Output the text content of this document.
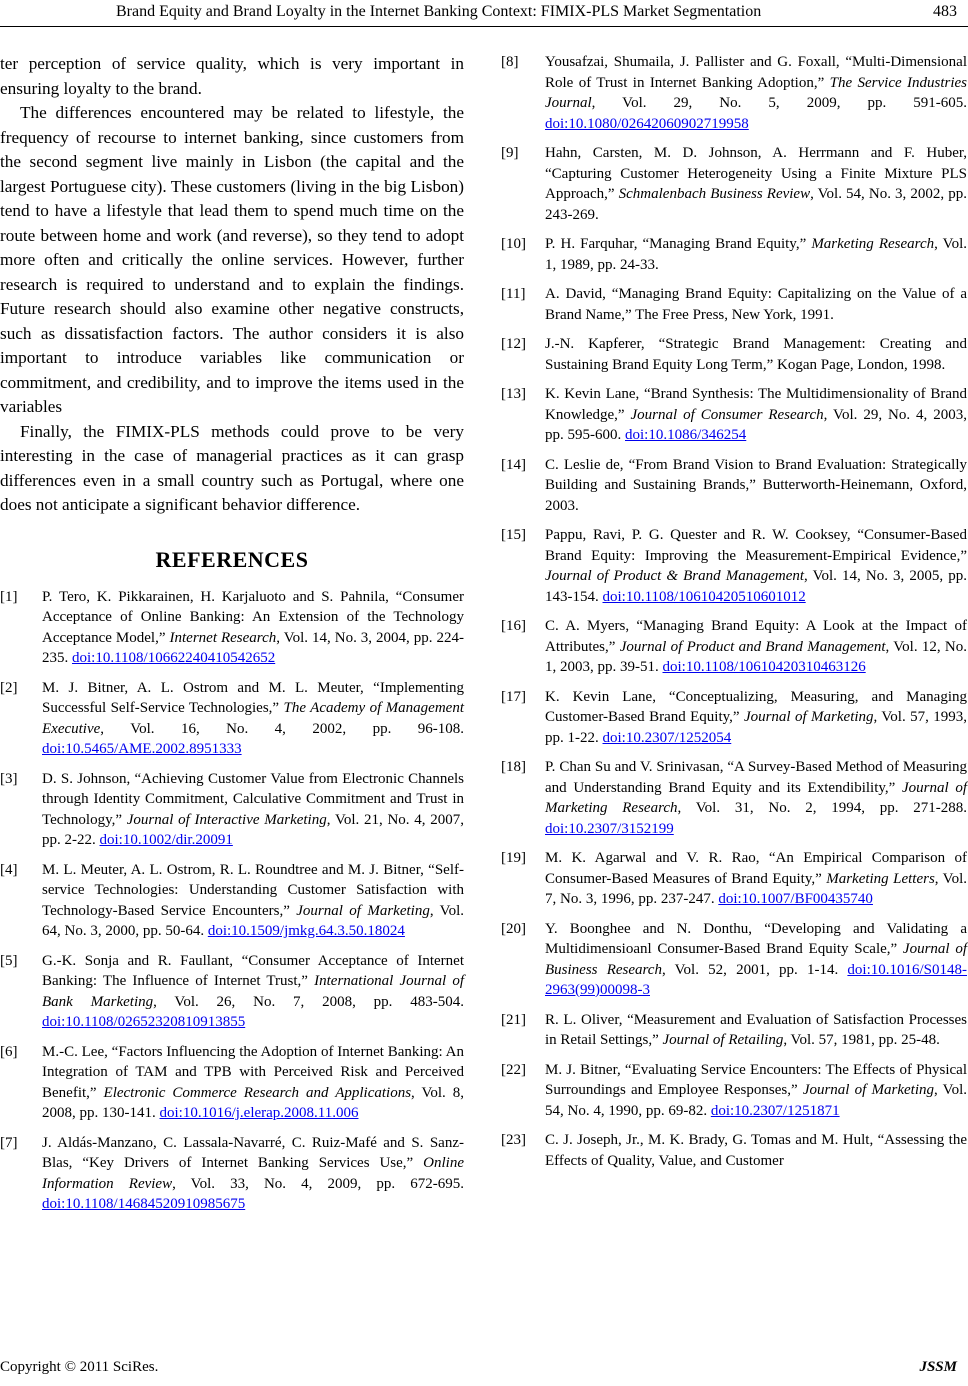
Brand Equity and Brand Loyalty in the Internet Banking Context: FIMIX-PLS Market Segmentation	483

ter perception of service quality, which is very important in ensuring loyalty to the brand.

The differences encountered may be related to lifestyle, the frequency of recourse to internet banking, since customers from the second segment live mainly in Lisbon (the capital and the largest Portuguese city). These customers (living in the big Lisbon) tend to have a lifestyle that lead them to spend much time on the route between home and work (and reverse), so they tend to adopt more often and critically the online services. However, further research is required to understand and to explain the findings. Future research should also examine other negative constructs, such as dissatisfaction factors. The author considers it is also important to introduce variables like communication or commitment, and credibility, and to improve the items used in the variables

Finally, the FIMIX-PLS methods could prove to be very interesting in the case of managerial practices as it can grasp differences even in a small country such as Portugal, where one does not anticipate a significant behavior difference.

REFERENCES
[1]	P. Tero, K. Pikkarainen, H. Karjaluoto and S. Pahnila, “Consumer Acceptance of Online Banking: An Extension of the Technology Acceptance Model,” Internet Research, Vol. 14, No. 3, 2004, pp. 224-235. doi:10.1108/10662240410542652
[2]	M. J. Bitner, A. L. Ostrom and M. L. Meuter, “Implementing Successful Self-Service Technologies,” The Academy of Management Executive, Vol. 16, No. 4, 2002, pp. 96-108. doi:10.5465/AME.2002.8951333
[3]	D. S. Johnson, “Achieving Customer Value from Electronic Channels through Identity Commitment, Calculative Commitment and Trust in Technology,” Journal of Interactive Marketing, Vol. 21, No. 4, 2007, pp. 2-22. doi:10.1002/dir.20091
[4]	M. L. Meuter, A. L. Ostrom, R. L. Roundtree and M. J. Bitner, “Self-service Technologies: Understanding Customer Satisfaction with Technology-Based Service Encounters,” Journal of Marketing, Vol. 64, No. 3, 2000, pp. 50-64. doi:10.1509/jmkg.64.3.50.18024
[5]	G.-K. Sonja and R. Faullant, “Consumer Acceptance of Internet Banking: The Influence of Internet Trust,” International Journal of Bank Marketing, Vol. 26, No. 7, 2008, pp. 483-504. doi:10.1108/02652320810913855
[6]	M.-C. Lee, “Factors Influencing the Adoption of Internet Banking: An Integration of TAM and TPB with Perceived Risk and Perceived Benefit,” Electronic Commerce Research and Applications, Vol. 8, 2008, pp. 130-141. doi:10.1016/j.elerap.2008.11.006
[7]	J. Aldás-Manzano, C. Lassala-Navarré, C. Ruiz-Mafé and S. Sanz-Blas, “Key Drivers of Internet Banking Services Use,” Online Information Review, Vol. 33, No. 4, 2009, pp. 672-695. doi:10.1108/14684520910985675
[8]	Yousafzai, Shumaila, J. Pallister and G. Foxall, “Multi-Dimensional Role of Trust in Internet Banking Adoption,” The Service Industries Journal, Vol. 29, No. 5, 2009, pp. 591-605. doi:10.1080/02642060902719958
[9]	Hahn, Carsten, M. D. Johnson, A. Herrmann and F. Huber, “Capturing Customer Heterogeneity Using a Finite Mixture PLS Approach,” Schmalenbach Business Review, Vol. 54, No. 3, 2002, pp. 243-269.
[10]	P. H. Farquhar, “Managing Brand Equity,” Marketing Research, Vol. 1, 1989, pp. 24-33.
[11]	A. David, “Managing Brand Equity: Capitalizing on the Value of a Brand Name,” The Free Press, New York, 1991.
[12]	J.-N. Kapferer, “Strategic Brand Management: Creating and Sustaining Brand Equity Long Term,” Kogan Page, London, 1998.
[13]	K. Kevin Lane, “Brand Synthesis: The Multidimensionality of Brand Knowledge,” Journal of Consumer Research, Vol. 29, No. 4, 2003, pp. 595-600. doi:10.1086/346254
[14]	C. Leslie de, “From Brand Vision to Brand Evaluation: Strategically Building and Sustaining Brands,” Butterworth-Heinemann, Oxford, 2003.
[15]	Pappu, Ravi, P. G. Quester and R. W. Cooksey, “Consumer-Based Brand Equity: Improving the Measurement-Empirical Evidence,” Journal of Product & Brand Management, Vol. 14, No. 3, 2005, pp. 143-154. doi:10.1108/10610420510601012
[16]	C. A. Myers, “Managing Brand Equity: A Look at the Impact of Attributes,” Journal of Product and Brand Management, Vol. 12, No. 1, 2003, pp. 39-51. doi:10.1108/10610420310463126
[17]	K. Kevin Lane, “Conceptualizing, Measuring, and Managing Customer-Based Brand Equity,” Journal of Marketing, Vol. 57, 1993, pp. 1-22. doi:10.2307/1252054
[18]	P. Chan Su and V. Srinivasan, “A Survey-Based Method of Measuring and Understanding Brand Equity and its Extendibility,” Journal of Marketing Research, Vol. 31, No. 2, 1994, pp. 271-288. doi:10.2307/3152199
[19]	M. K. Agarwal and V. R. Rao, “An Empirical Comparison of Consumer-Based Measures of Brand Equity,” Marketing Letters, Vol. 7, No. 3, 1996, pp. 237-247. doi:10.1007/BF00435740
[20]	Y. Boonghee and N. Donthu, “Developing and Validating a Multidimensioanl Consumer-Based Brand Equity Scale,” Journal of Business Research, Vol. 52, 2001, pp. 1-14. doi:10.1016/S0148-2963(99)00098-3
[21]	R. L. Oliver, “Measurement and Evaluation of Satisfaction Processes in Retail Settings,” Journal of Retailing, Vol. 57, 1981, pp. 25-48.
[22]	M. J. Bitner, “Evaluating Service Encounters: The Effects of Physical Surroundings and Employee Responses,” Journal of Marketing, Vol. 54, No. 4, 1990, pp. 69-82. doi:10.2307/1251871
[23]	C. J. Joseph, Jr., M. K. Brady, G. Tomas and M. Hult, “Assessing the Effects of Quality, Value, and Customer
Copyright © 2011 SciRes.	JSSM
